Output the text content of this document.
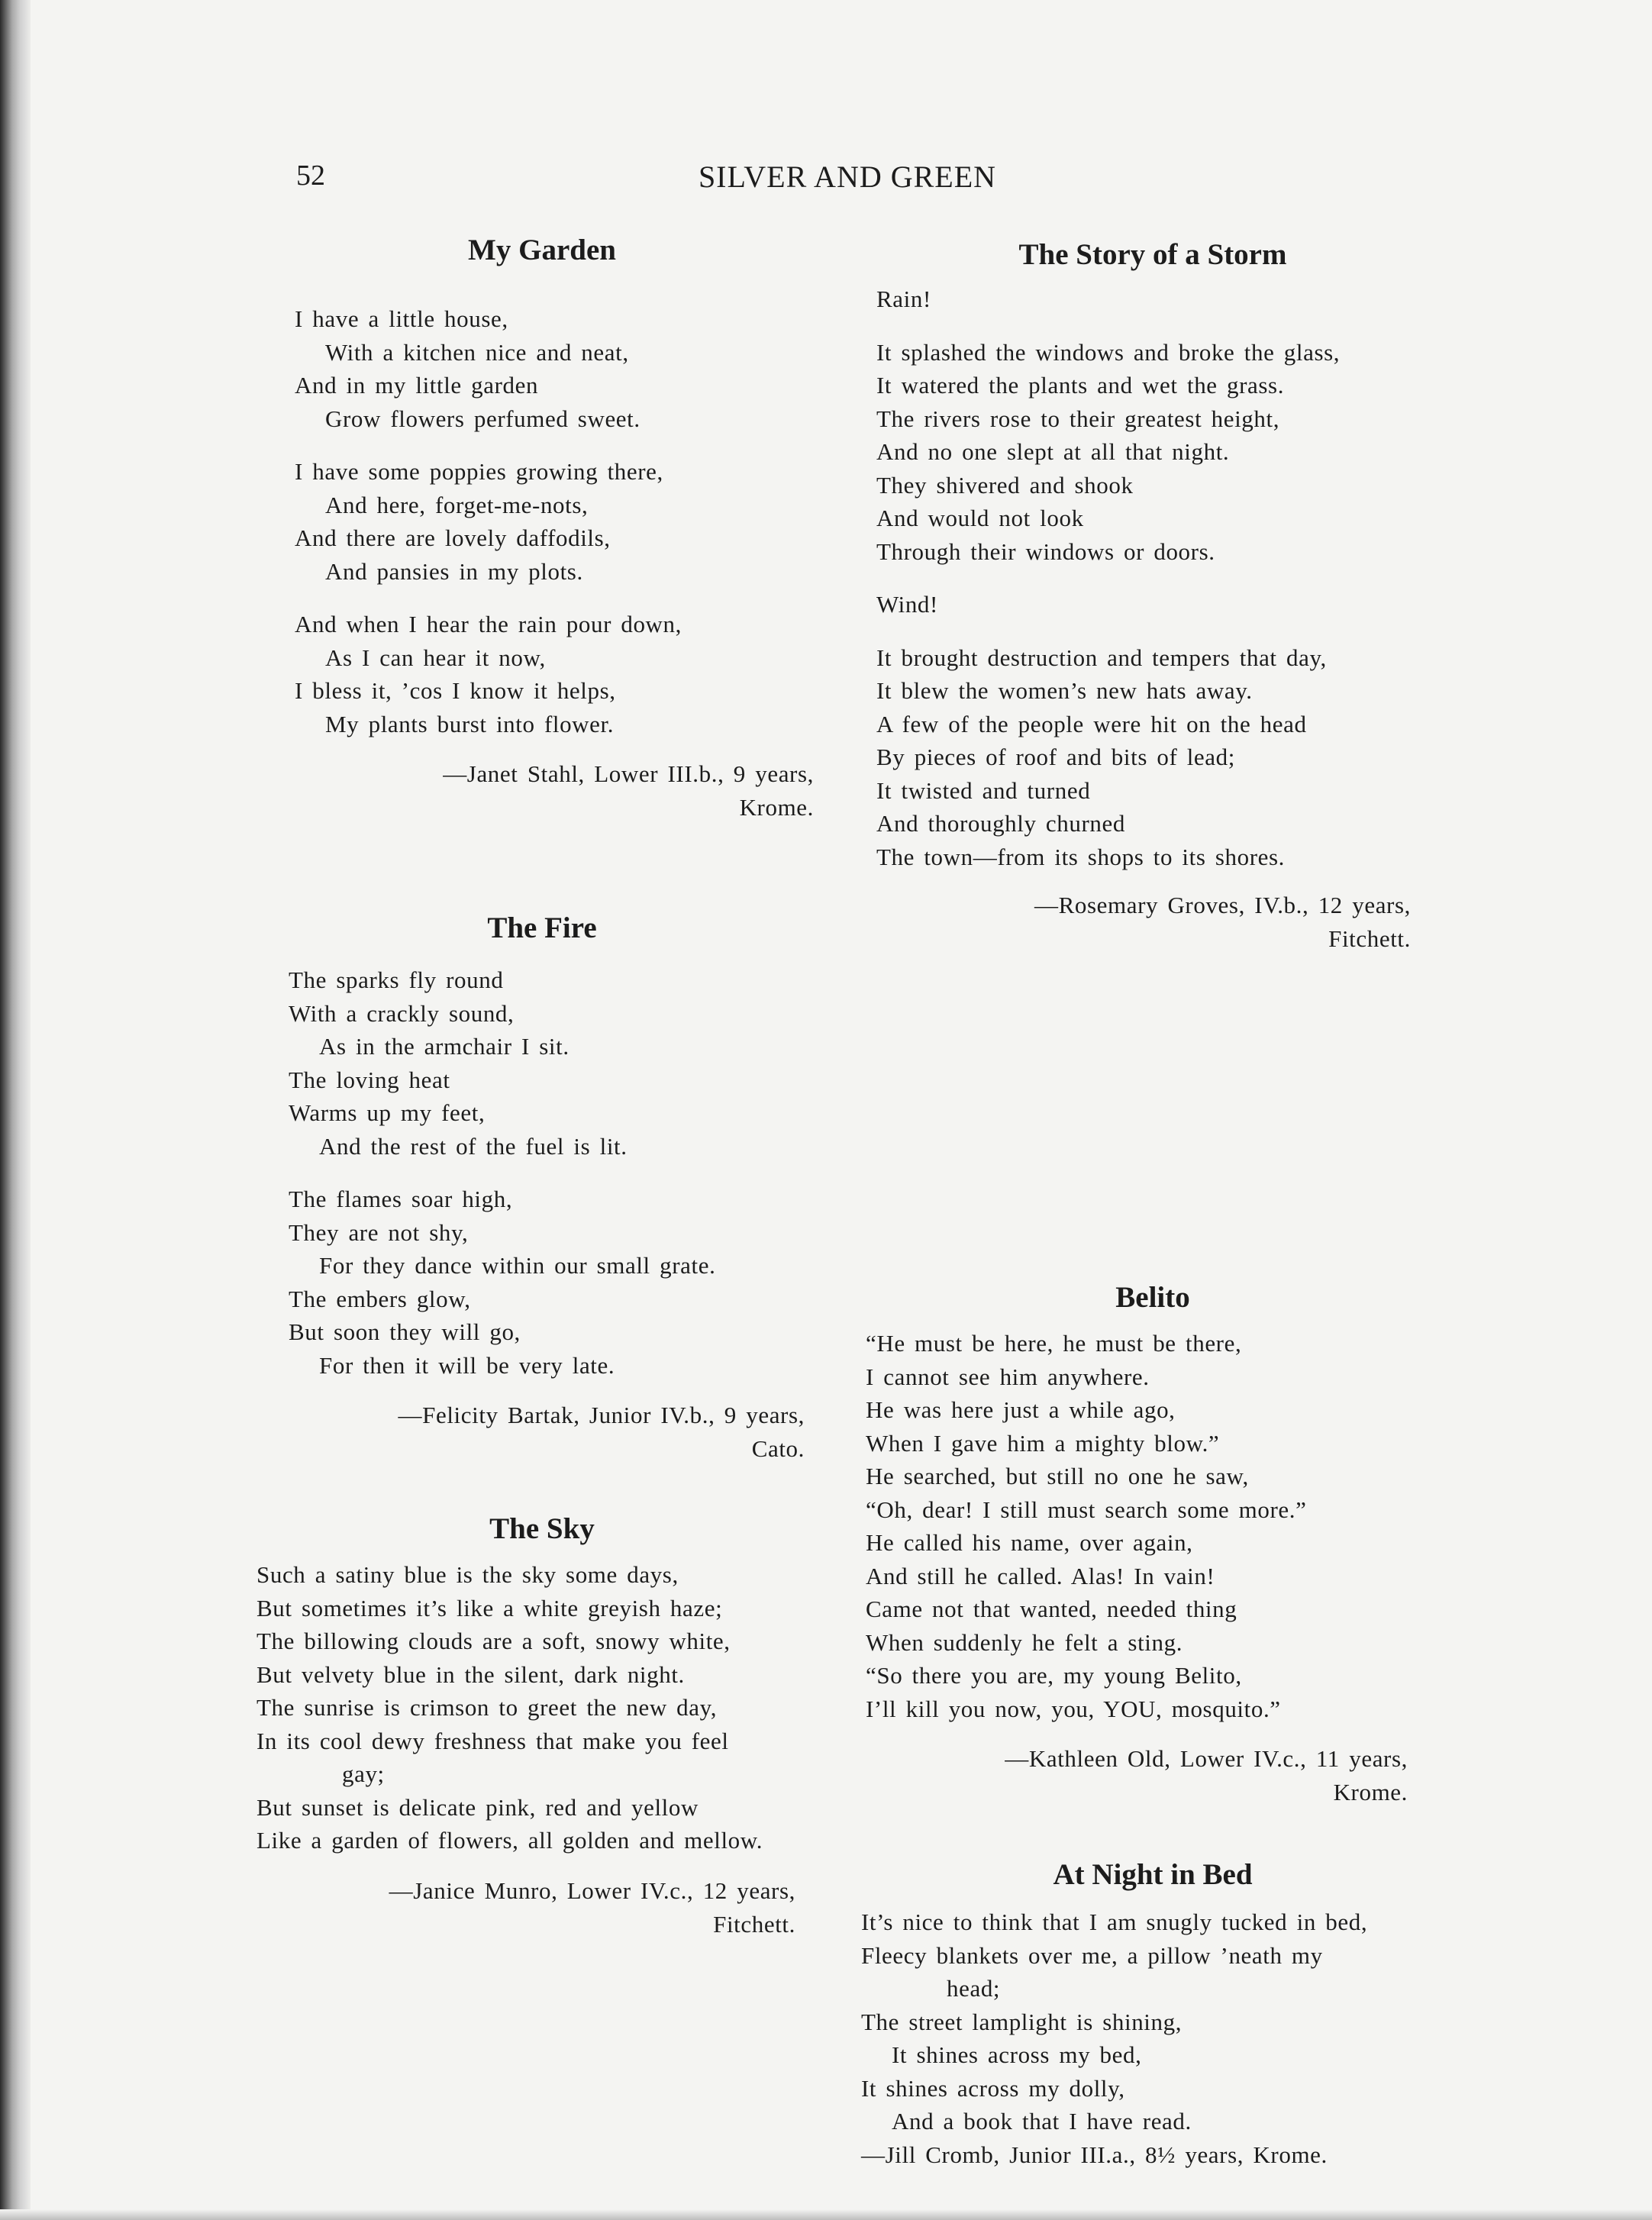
52	SILVER AND GREEN
My Garden
I have a little house,
With a kitchen nice and neat,
And in my little garden
Grow flowers perfumed sweet.
I have some poppies growing there,
And here, forget-me-nots,
And there are lovely daffodils,
And pansies in my plots.
And when I hear the rain pour down,
As I can hear it now,
I bless it, ’cos I know it helps,
My plants burst into flower.
—Janet Stahl, Lower III.b., 9 years,
Krome.
The Fire
The sparks fly round
With a crackly sound,
As in the armchair I sit.
The loving heat
Warms up my feet,
And the rest of the fuel is lit.
The flames soar high,
They are not shy,
For they dance within our small grate.
The embers glow,
But soon they will go,
For then it will be very late.
—Felicity Bartak, Junior IV.b., 9 years,
Cato.
The Sky
Such a satiny blue is the sky some days,
But sometimes it’s like a white greyish haze;
The billowing clouds are a soft, snowy white,
But velvety blue in the silent, dark night.
The sunrise is crimson to greet the new day,
In its cool dewy freshness that make you feel
gay;
But sunset is delicate pink, red and yellow
Like a garden of flowers, all golden and mellow.
—Janice Munro, Lower IV.c., 12 years,
Fitchett.
The Story of a Storm
Rain!
It splashed the windows and broke the glass,
It watered the plants and wet the grass.
The rivers rose to their greatest height,
And no one slept at all that night.
They shivered and shook
And would not look
Through their windows or doors.
Wind!
It brought destruction and tempers that day,
It blew the women’s new hats away.
A few of the people were hit on the head
By pieces of roof and bits of lead;
It twisted and turned
And thoroughly churned
The town—from its shops to its shores.
—Rosemary Groves, IV.b., 12 years,
Fitchett.
Belito
“He must be here, he must be there,
I cannot see him anywhere.
He was here just a while ago,
When I gave him a mighty blow.”
He searched, but still no one he saw,
“Oh, dear! I still must search some more.”
He called his name, over again,
And still he called. Alas! In vain!
Came not that wanted, needed thing
When suddenly he felt a sting.
“So there you are, my young Belito,
I’ll kill you now, you, YOU, mosquito.”
—Kathleen Old, Lower IV.c., 11 years,
Krome.
At Night in Bed
It’s nice to think that I am snugly tucked in bed,
Fleecy blankets over me, a pillow ’neath my
head;
The street lamplight is shining,
It shines across my bed,
It shines across my dolly,
And a book that I have read.
—Jill Cromb, Junior III.a., 8½ years, Krome.
